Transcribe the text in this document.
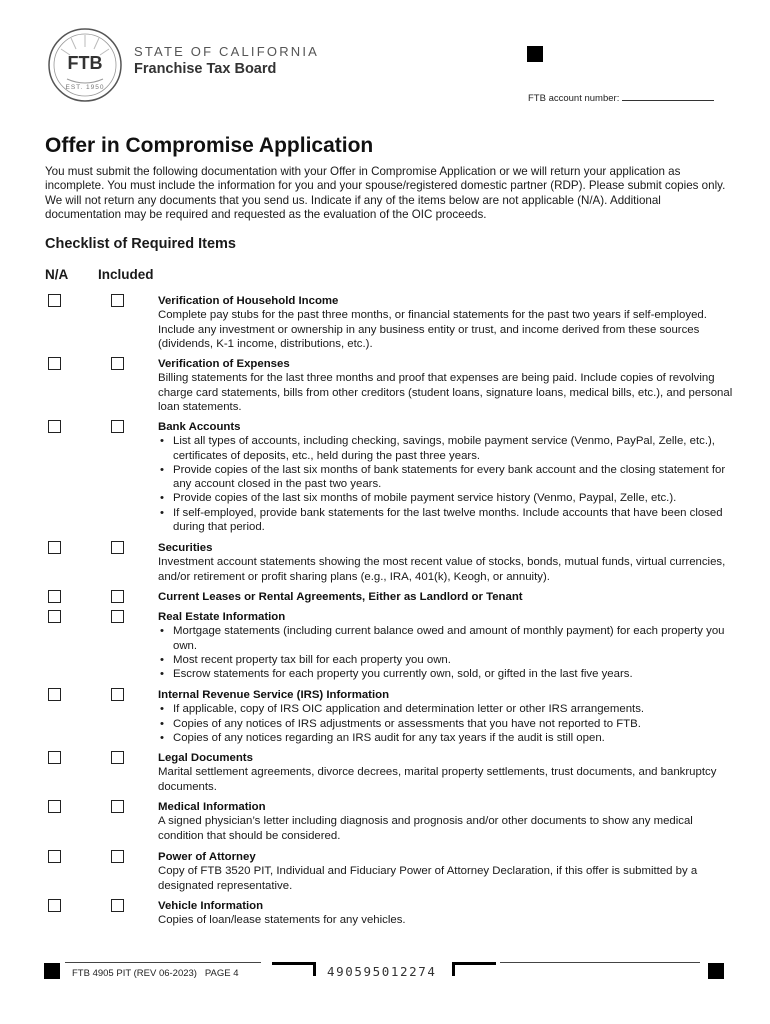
FTB
EST. 1950
STATE OF CALIFORNIA
Franchise Tax Board
FTB account number:
Offer in Compromise Application
You must submit the following documentation with your Offer in Compromise Application or we will return your application as incomplete. You must include the information for you and your spouse/registered domestic partner (RDP). Please submit copies only. We will not return any documents that you send us. Indicate if any of the items below are not applicable (N/A). Additional documentation may be required and requested as the evaluation of the OIC proceeds.
Checklist of Required Items
N/A Included
Verification of Household Income

Complete pay stubs for the past three months, or financial statements for the past two years if self-employed. Include any investment or ownership in any business entity or trust, and income derived from these sources (dividends, K-1 income, distributions, etc.).

Verification of Expenses

Billing statements for the last three months and proof that expenses are being paid. Include copies of revolving charge card statements, bills from other creditors (student loans, signature loans, medical bills, etc.), and personal loan statements.

Bank Accounts
• List all types of accounts, including checking, savings, mobile payment service (Venmo, PayPal, Zelle, etc.), certificates of deposits, etc., held during the past three years.
• Provide copies of the last six months of bank statements for every bank account and the closing statement for any account closed in the past two years.
• Provide copies of the last six months of mobile payment service history (Venmo, Paypal, Zelle, etc.).
• If self-employed, provide bank statements for the last twelve months. Include accounts that have been closed during that period.
Securities

Investment account statements showing the most recent value of stocks, bonds, mutual funds, virtual currencies, and/or retirement or profit sharing plans (e.g., IRA, 401(k), Keogh, or annuity).

Current Leases or Rental Agreements, Either as Landlord or Tenant
Real Estate Information
• Mortgage statements (including current balance owed and amount of monthly payment) for each property you own.
• Most recent property tax bill for each property you own.
• Escrow statements for each property you currently own, sold, or gifted in the last five years.
Internal Revenue Service (IRS) Information
• If applicable, copy of IRS OIC application and determination letter or other IRS arrangements.
• Copies of any notices of IRS adjustments or assessments that you have not reported to FTB.
• Copies of any notices regarding an IRS audit for any tax years if the audit is still open.
Legal Documents

Marital settlement agreements, divorce decrees, marital property settlements, trust documents, and bankruptcy documents.

Medical Information

A signed physician’s letter including diagnosis and prognosis and/or other documents to show any medical condition that should be considered.

Power of Attorney

Copy of FTB 3520 PIT, Individual and Fiduciary Power of Attorney Declaration, if this offer is submitted by a designated representative.

Vehicle Information

Copies of loan/lease statements for any vehicles.

FTB 4905 PIT (REV 06-2023) PAGE 4	490595012274
